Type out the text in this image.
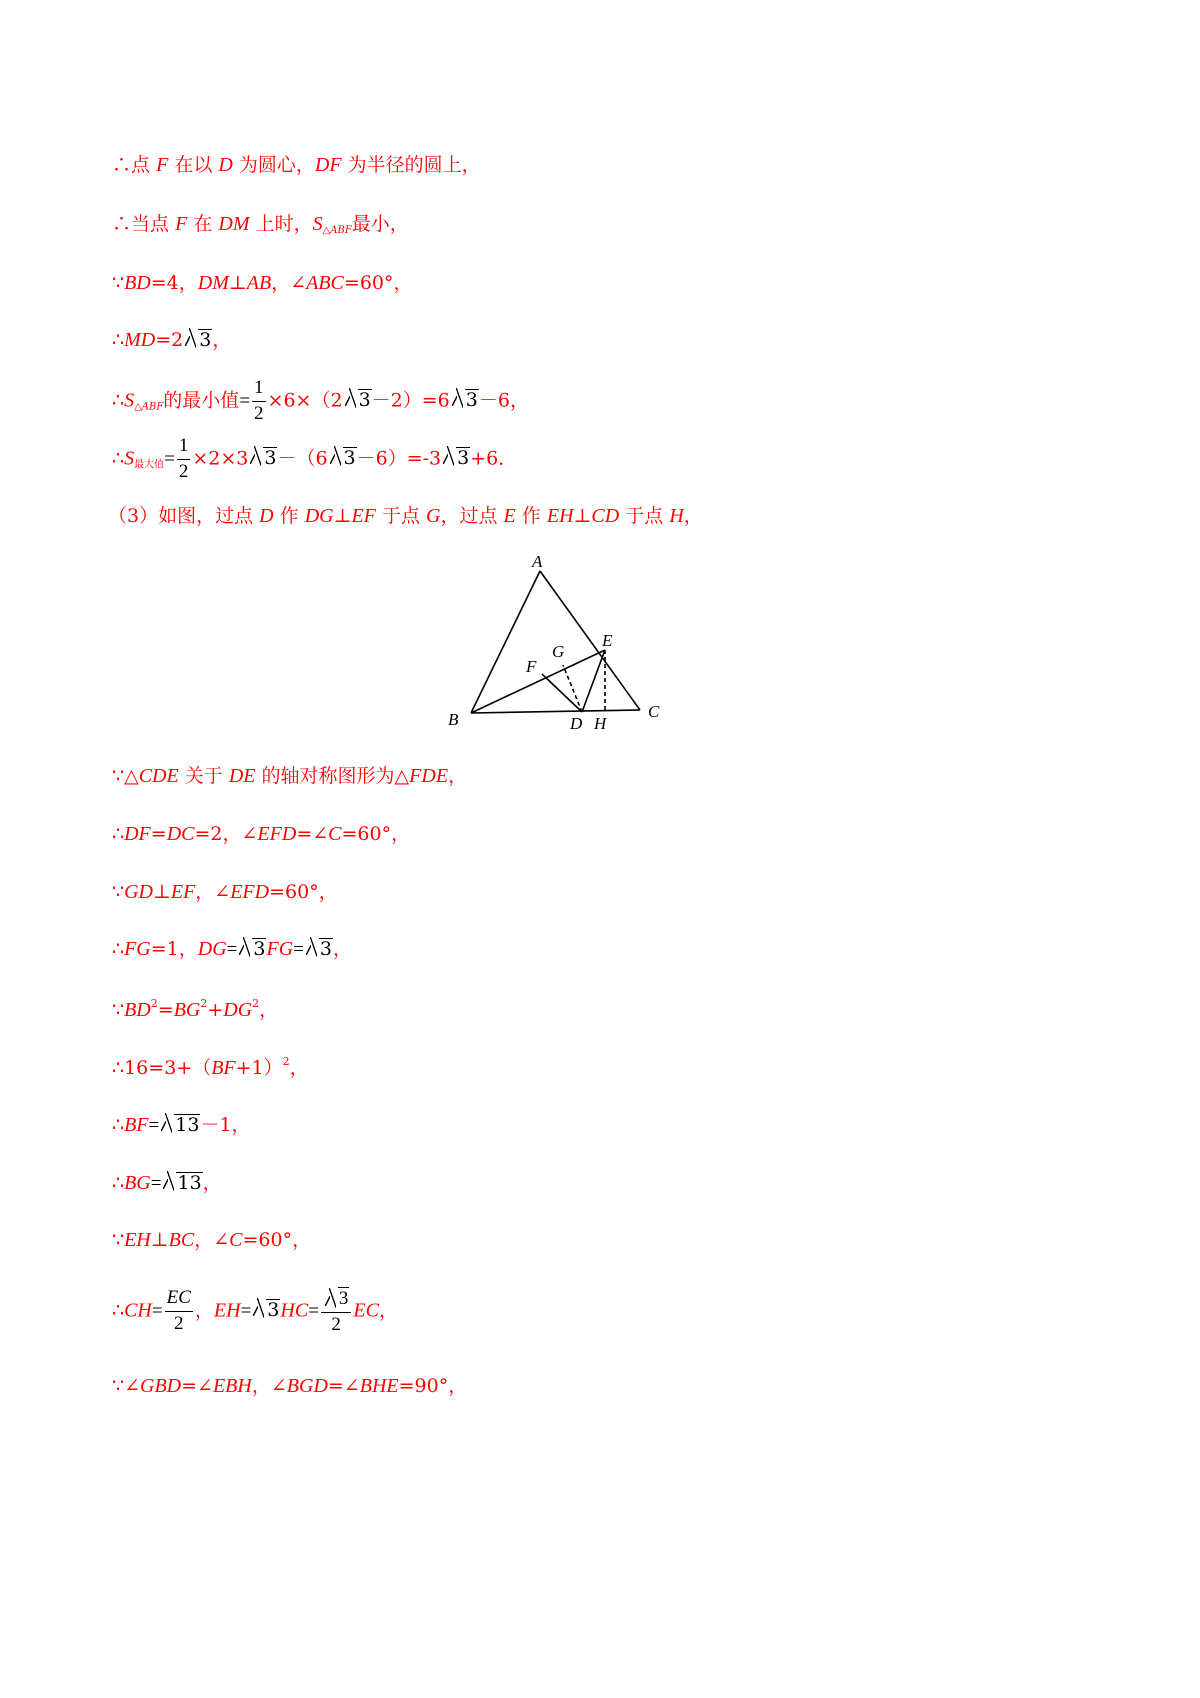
∴点 F 在以 D 为圆心，DF 为半径的圆上，
∴当点 F 在 DM 上时，$S_{\triangle ABF}$最小，
∵BD=4，DM⊥AB，∠ABC=60°，
∴MD=2 3，
$\therefore S_{\triangle ABF}$的最小值= $\frac{1}{2} \times 6\times(2$ 3－2）=6 3－6，
$\therefore S_{最大值}= \frac{1}{2} \times 2\times 3$ 3－（6 3－6）=-3 3+6．
（3）如图，过点 D 作 DG⊥EF 于点 G，过点 E 作 EH⊥CD 于点 H，
A
B	C
D
E
F
G
H
∵△CDE 关于 DE 的轴对称图形为△FDE，
∴DF=DC=2，∠EFD=∠C=60°，
∵GD⊥EF，∠EFD=60°，
∴FG=1，DG= 3FG= 3，
$\because BD^2=BG^2+DG^2$，
$\therefore 16=3+(BF+1)^2$，
∴BF= 13－1，
∴BG= 13，
∵EH⊥BC，∠C=60°，
∴CH= $\frac{EC}{2}$ ，$EH= 3HC= \frac{3}{2}$ EC，
∵∠GBD=∠EBH，∠BGD=∠BHE=90°，
